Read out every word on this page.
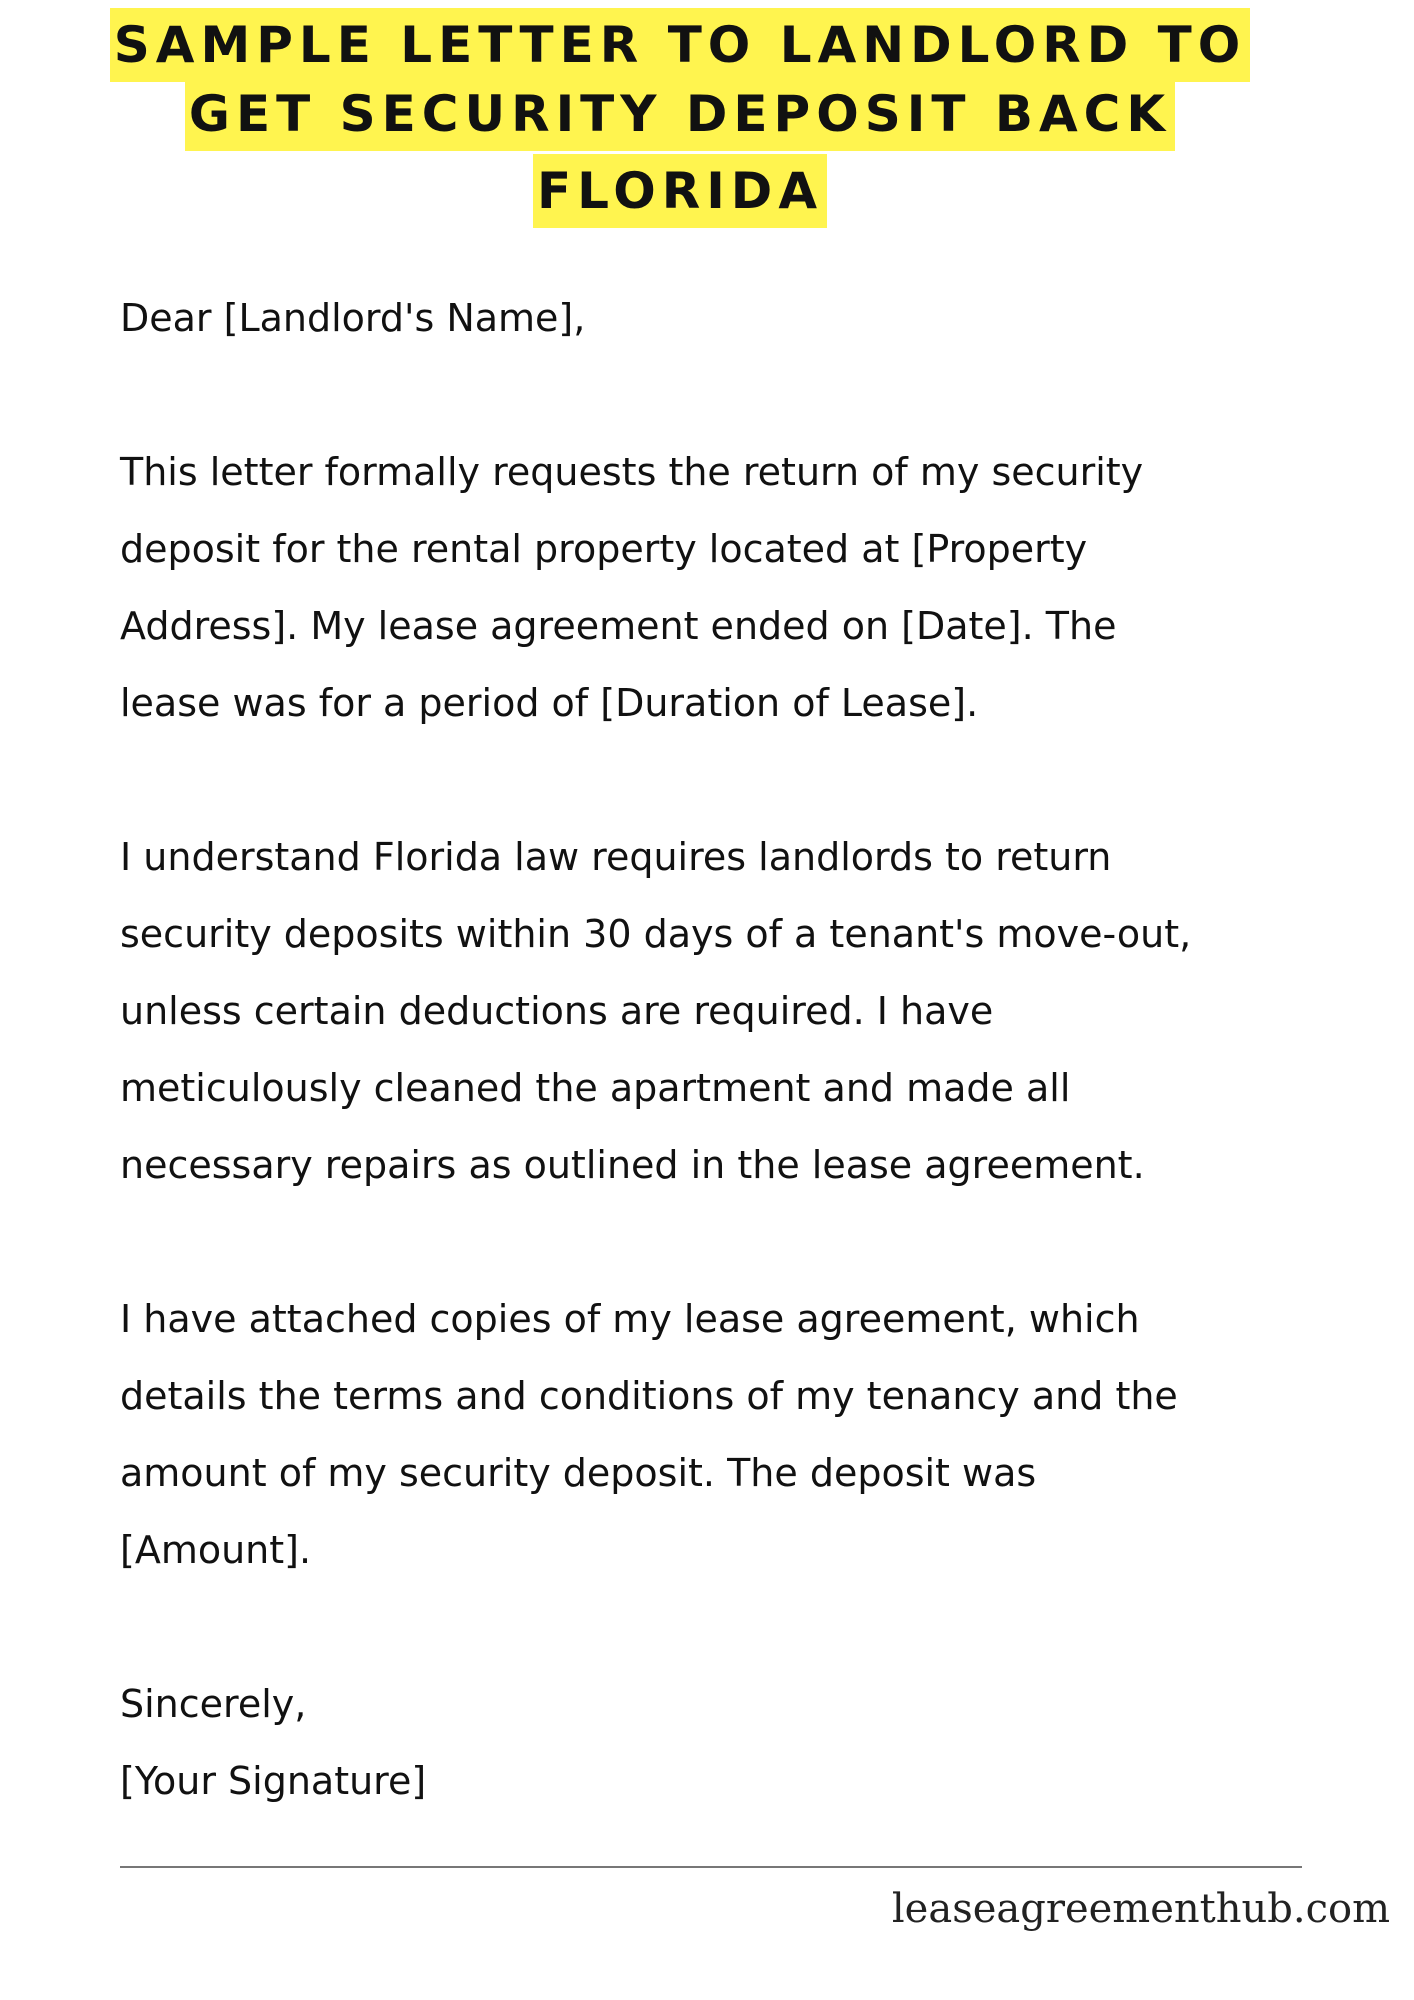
SAMPLE LETTER TO LANDLORD TO
GET SECURITY DEPOSIT BACK
FLORIDA

Dear [Landlord's Name],

This letter formally requests the return of my security

deposit for the rental property located at [Property

Address]. My lease agreement ended on [Date]. The

lease was for a period of [Duration of Lease].

I understand Florida law requires landlords to return

security deposits within 30 days of a tenant's move-out,

unless certain deductions are required. I have

meticulously cleaned the apartment and made all

necessary repairs as outlined in the lease agreement.

I have attached copies of my lease agreement, which

details the terms and conditions of my tenancy and the

amount of my security deposit. The deposit was

[Amount].

Sincerely,

[Your Signature]

leaseagreementhub.com
